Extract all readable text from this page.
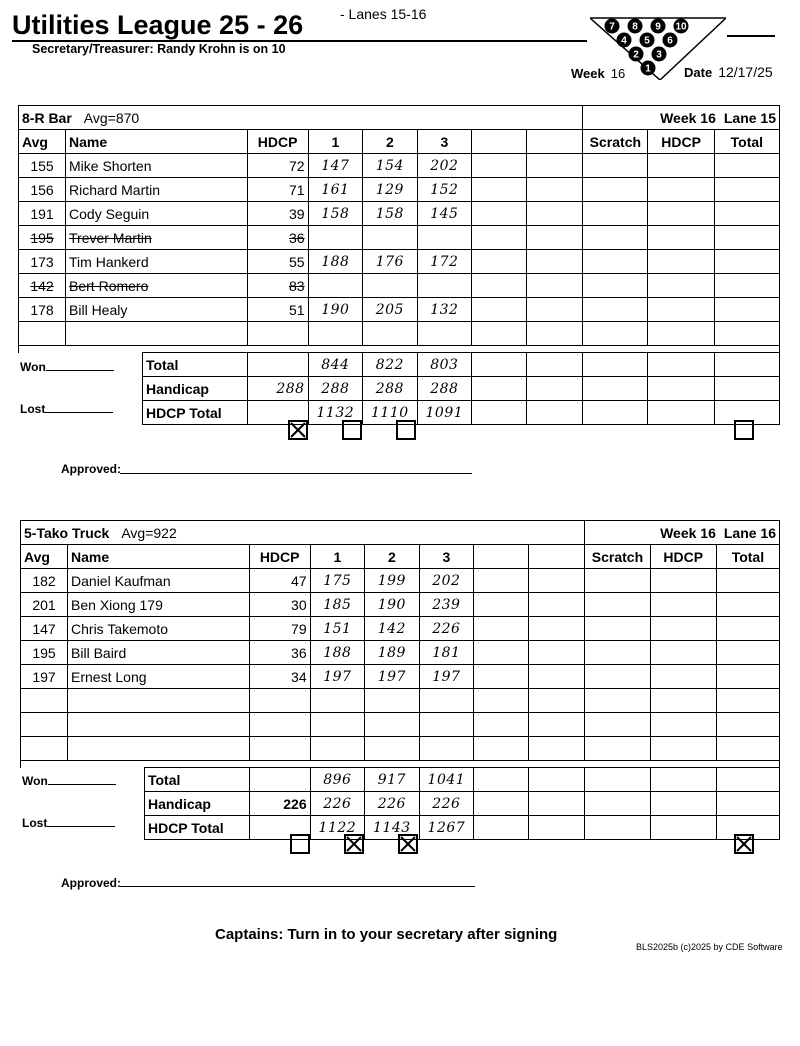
Utilities League 25 - 26	- Lanes 15-16
Secretary/Treasurer: Randy Krohn is on 10
7 8 9 10
4 5 6
2 3
1
Week 16	Date 12/17/25
8-R Bar Avg=870									Week 16 Lane 15		
Avg	Name		HDCP	1	2	3			Scratch	HDCP	Total
155	Mike Shorten		72	147	154	202					
156	Richard Martin		71	161	129	152					
191	Cody Seguin		39	158	158	145					
195	Trever Martin		36								
173	Tim Hankerd		55	188	176	172					
142	Bert Romero		83								
178	Bill Healy		51	190	205	132					

		Total		844	822	803					
		Handicap	288	288	288	288					
		HDCP Total		1132	1110	1091					
Won
Lost
Approved:
5-Tako Truck Avg=922									Week 16 Lane 16		
Avg	Name		HDCP	1	2	3			Scratch	HDCP	Total
182	Daniel Kaufman		47	175	199	202					
201	Ben Xiong 179		30	185	190	239					
147	Chris Takemoto		79	151	142	226					
195	Bill Baird		36	188	189	181					
197	Ernest Long		34	197	197	197					

		Total		896	917	1041					
		Handicap	226	226	226	226					
		HDCP Total		1122	1143	1267					
Won
Lost
Approved:
Captains: Turn in to your secretary after signing
BLS2025b (c)2025 by CDE Software
